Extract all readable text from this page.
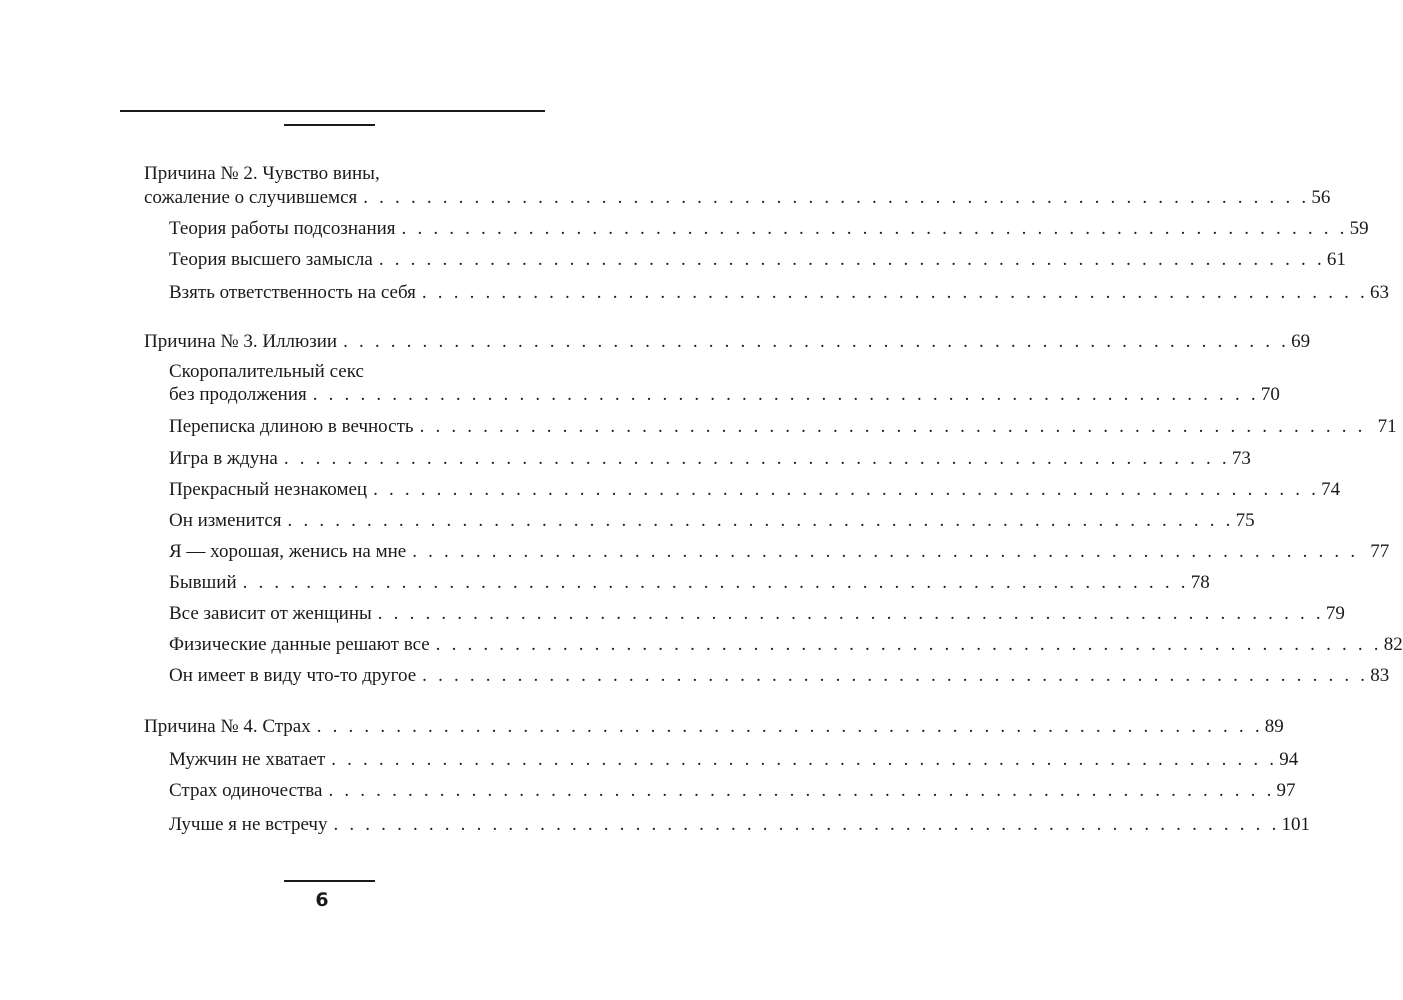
Причина № 2. Чувство вины,
сожаление о случившемся . . . . . . . . . . . . . . . . . . . . . . . . . . . . . . . . . . . . . . . . . . . . . . . . . . . . . . . . . . . . 56
Теория работы подсознания . . . . . . . . . . . . . . . . . . . . . . . . . . . . . . . . . . . . . . . . . . . . . . . . . . . . . . . . . . . . 59
Теория высшего замысла . . . . . . . . . . . . . . . . . . . . . . . . . . . . . . . . . . . . . . . . . . . . . . . . . . . . . . . . . . . . 61
Взять ответственность на себя . . . . . . . . . . . . . . . . . . . . . . . . . . . . . . . . . . . . . . . . . . . . . . . . . . . . . . . . . . . . 63
Причина № 3. Иллюзии . . . . . . . . . . . . . . . . . . . . . . . . . . . . . . . . . . . . . . . . . . . . . . . . . . . . . . . . . . . . 69
Скоропалительный секс
без продолжения . . . . . . . . . . . . . . . . . . . . . . . . . . . . . . . . . . . . . . . . . . . . . . . . . . . . . . . . . . . . 70
Переписка длиною в вечность . . . . . . . . . . . . . . . . . . . . . . . . . . . . . . . . . . . . . . . . . . . . . . . . . . . . . . . . . . . . 71
Игра в ждуна . . . . . . . . . . . . . . . . . . . . . . . . . . . . . . . . . . . . . . . . . . . . . . . . . . . . . . . . . . . . 73
Прекрасный незнакомец . . . . . . . . . . . . . . . . . . . . . . . . . . . . . . . . . . . . . . . . . . . . . . . . . . . . . . . . . . . . 74
Он изменится . . . . . . . . . . . . . . . . . . . . . . . . . . . . . . . . . . . . . . . . . . . . . . . . . . . . . . . . . . . . 75
Я — хорошая, женись на мне . . . . . . . . . . . . . . . . . . . . . . . . . . . . . . . . . . . . . . . . . . . . . . . . . . . . . . . . . . . . 77
Бывший . . . . . . . . . . . . . . . . . . . . . . . . . . . . . . . . . . . . . . . . . . . . . . . . . . . . . . . . . . . . 78
Все зависит от женщины . . . . . . . . . . . . . . . . . . . . . . . . . . . . . . . . . . . . . . . . . . . . . . . . . . . . . . . . . . . . 79
Физические данные решают все . . . . . . . . . . . . . . . . . . . . . . . . . . . . . . . . . . . . . . . . . . . . . . . . . . . . . . . . . . . . 82
Он имеет в виду что-то другое . . . . . . . . . . . . . . . . . . . . . . . . . . . . . . . . . . . . . . . . . . . . . . . . . . . . . . . . . . . . 83
Причина № 4. Страх . . . . . . . . . . . . . . . . . . . . . . . . . . . . . . . . . . . . . . . . . . . . . . . . . . . . . . . . . . . . 89
Мужчин не хватает . . . . . . . . . . . . . . . . . . . . . . . . . . . . . . . . . . . . . . . . . . . . . . . . . . . . . . . . . . . . 94
Страх одиночества . . . . . . . . . . . . . . . . . . . . . . . . . . . . . . . . . . . . . . . . . . . . . . . . . . . . . . . . . . . . 97
Лучше я не встречу . . . . . . . . . . . . . . . . . . . . . . . . . . . . . . . . . . . . . . . . . . . . . . . . . . . . . . . . . . . . 101
6
